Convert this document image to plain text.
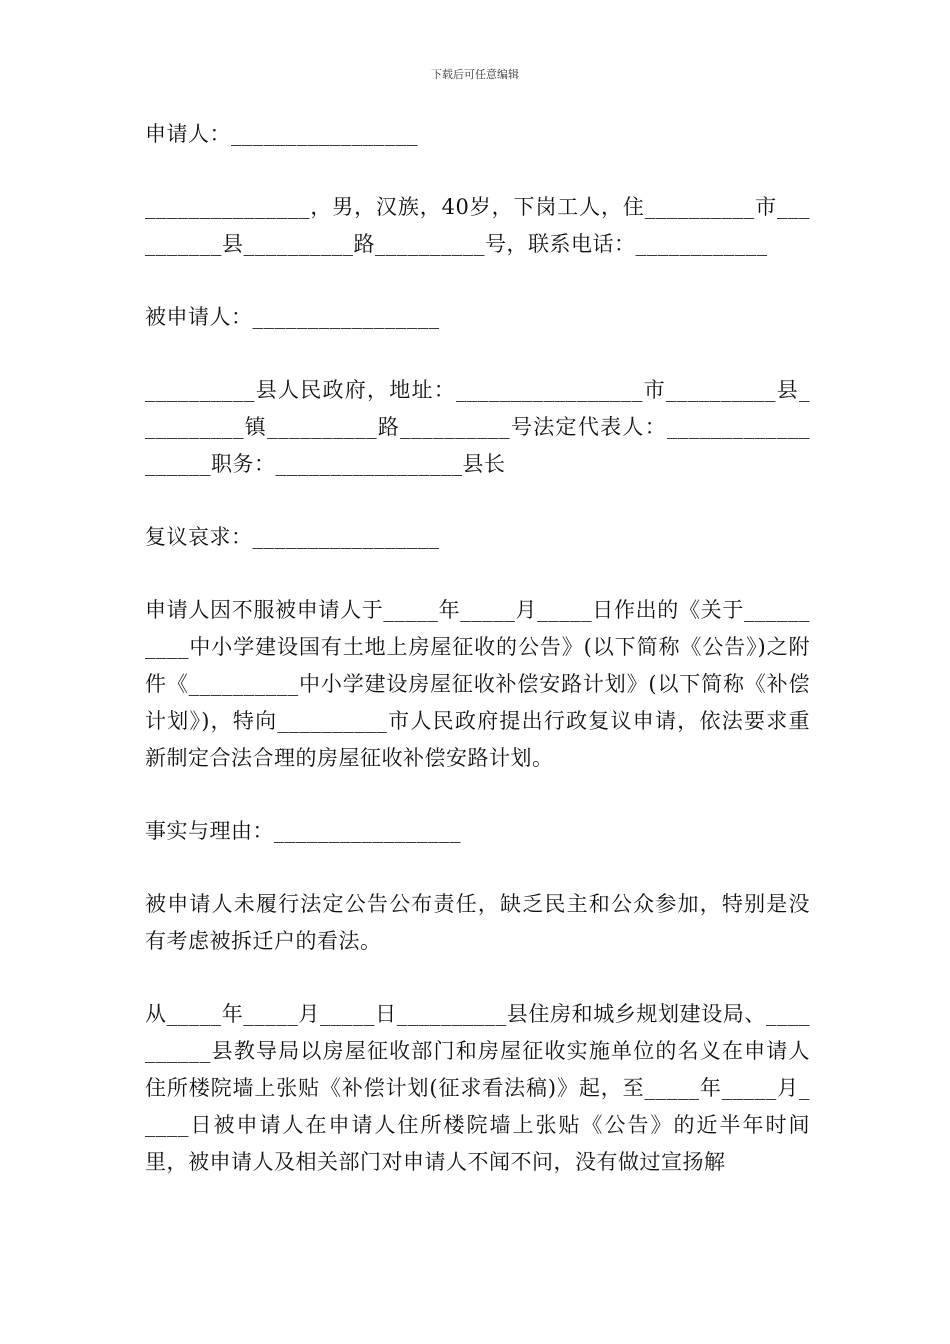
下载后可任意编辑

申请人：_________________

_______________，男，汉族，40岁，下岗工人，住__________市__________县__________路__________号，联系电话：____________

被申请人：_________________

__________县人民政府，地址：_________________市__________县__________镇__________路__________号法定代表人：___________________职务：_________________县长

复议哀求：_________________

申请人因不服被申请人于_____年_____月_____日作出的《关于__________中小学建设国有土地上房屋征收的公告》(以下简称《公告》)之附件《__________中小学建设房屋征收补偿安路计划》(以下简称《补偿计划》)，特向__________市人民政府提出行政复议申请，依法要求重新制定合法合理的房屋征收补偿安路计划。

事实与理由：_________________

被申请人未履行法定公告公布责任，缺乏民主和公众参加，特别是没有考虑被拆迁户的看法。

从_____年_____月_____日__________县住房和城乡规划建设局、__________县教导局以房屋征收部门和房屋征收实施单位的名义在申请人住所楼院墙上张贴《补偿计划(征求看法稿)》起，至_____年_____月_____日被申请人在申请人住所楼院墙上张贴《公告》的近半年时间里，被申请人及相关部门对申请人不闻不问，没有做过宣扬解
